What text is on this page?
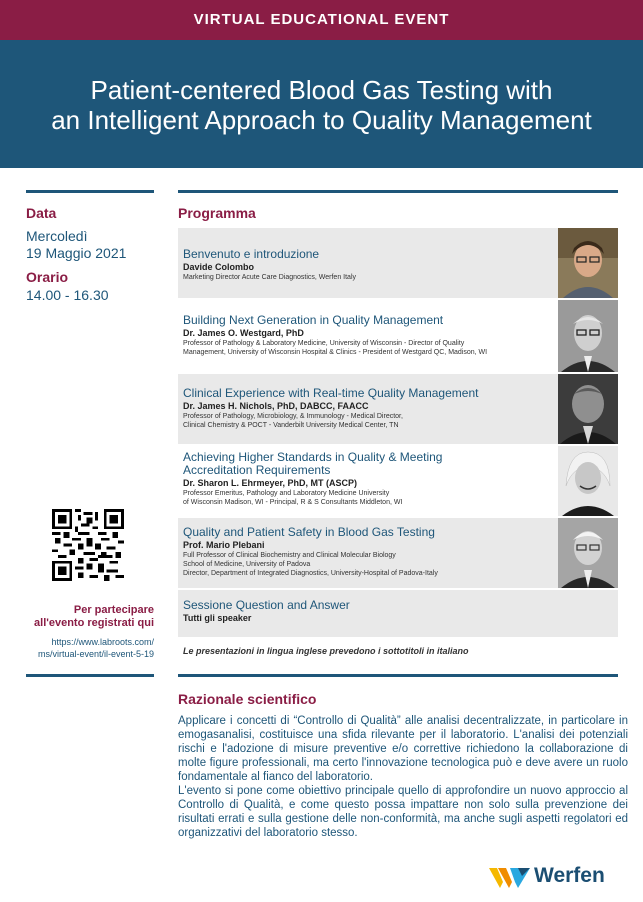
VIRTUAL EDUCATIONAL EVENT
Patient-centered Blood Gas Testing with
an Intelligent Approach to Quality Management
Data
Mercoledì
19 Maggio 2021
Orario
14.00 - 16.30
Per partecipare
all'evento registrati qui
https://www.labroots.com/
ms/virtual-event/il-event-5-19
Programma
Benvenuto e introduzione
Davide Colombo
Marketing Director Acute Care Diagnostics, Werfen Italy
Building Next Generation in Quality Management
Dr. James O. Westgard, PhD
Professor of Pathology & Laboratory Medicine, University of Wisconsin - Director of Quality
Management, University of Wisconsin Hospital & Clinics - President of Westgard QC, Madison, WI
Clinical Experience with Real-time Quality Management
Dr. James H. Nichols, PhD, DABCC, FAACC
Professor of Pathology, Microbiology, & Immunology - Medical Director,
Clinical Chemistry & POCT - Vanderbilt University Medical Center, TN
Achieving Higher Standards in Quality & Meeting
Accreditation Requirements
Dr. Sharon L. Ehrmeyer, PhD, MT (ASCP)
Professor Emeritus, Pathology and Laboratory Medicine University
of Wisconsin Madison, WI - Principal, R & S Consultants Middleton, WI
Quality and Patient Safety in Blood Gas Testing
Prof. Mario Plebani
Full Professor of Clinical Biochemistry and Clinical Molecular Biology
School of Medicine, University of Padova
Director, Department of Integrated Diagnostics, University-Hospital of Padova-Italy
Sessione Question and Answer
Tutti gli speaker
Le presentazioni in lingua inglese prevedono i sottotitoli in italiano
Razionale scientifico
Applicare i concetti di “Controllo di Qualità” alle analisi decentralizzate, in particolare in emogasanalisi, costituisce una sfida rilevante per il laboratorio. L'analisi dei potenziali rischi e l'adozione di misure preventive e/o correttive richiedono la collaborazione di molte figure professionali, ma certo l'innovazione tecnologica può e deve avere un ruolo fondamentale al fianco del laboratorio.
L'evento si pone come obiettivo principale quello di approfondire un nuovo approccio al Controllo di Qualità, e come questo possa impattare non solo sulla prevenzione dei risultati errati e sulla gestione delle non-conformità, ma anche sugli aspetti regolatori ed organizzativi del laboratorio stesso.
Werfen
